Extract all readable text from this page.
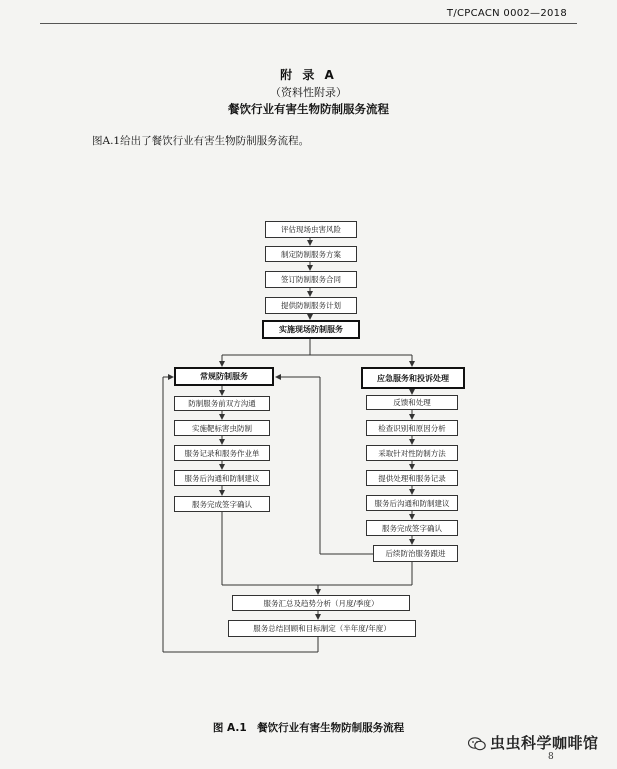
T/CPCACN 0002—2018
附 录 A
（资料性附录）
餐饮行业有害生物防制服务流程
图A.1给出了餐饮行业有害生物防制服务流程。
评估现场虫害风险
制定防制服务方案
签订防制服务合同
提供防制服务计划
实施现场防制服务
常规防制服务
防制服务前双方沟通
实施靶标害虫防制
服务记录和服务作业单
服务后沟通和防制建议
服务完成签字确认
应急服务和投诉处理
反馈和处理
检查识别和原因分析
采取针对性防制方法
提供处理和服务记录
服务后沟通和防制建议
服务完成签字确认
后续防治服务跟进
服务汇总及趋势分析（月度/季度）
服务总结回顾和目标制定（半年度/年度）
图 A.1　餐饮行业有害生物防制服务流程
虫虫科学咖啡馆
8
